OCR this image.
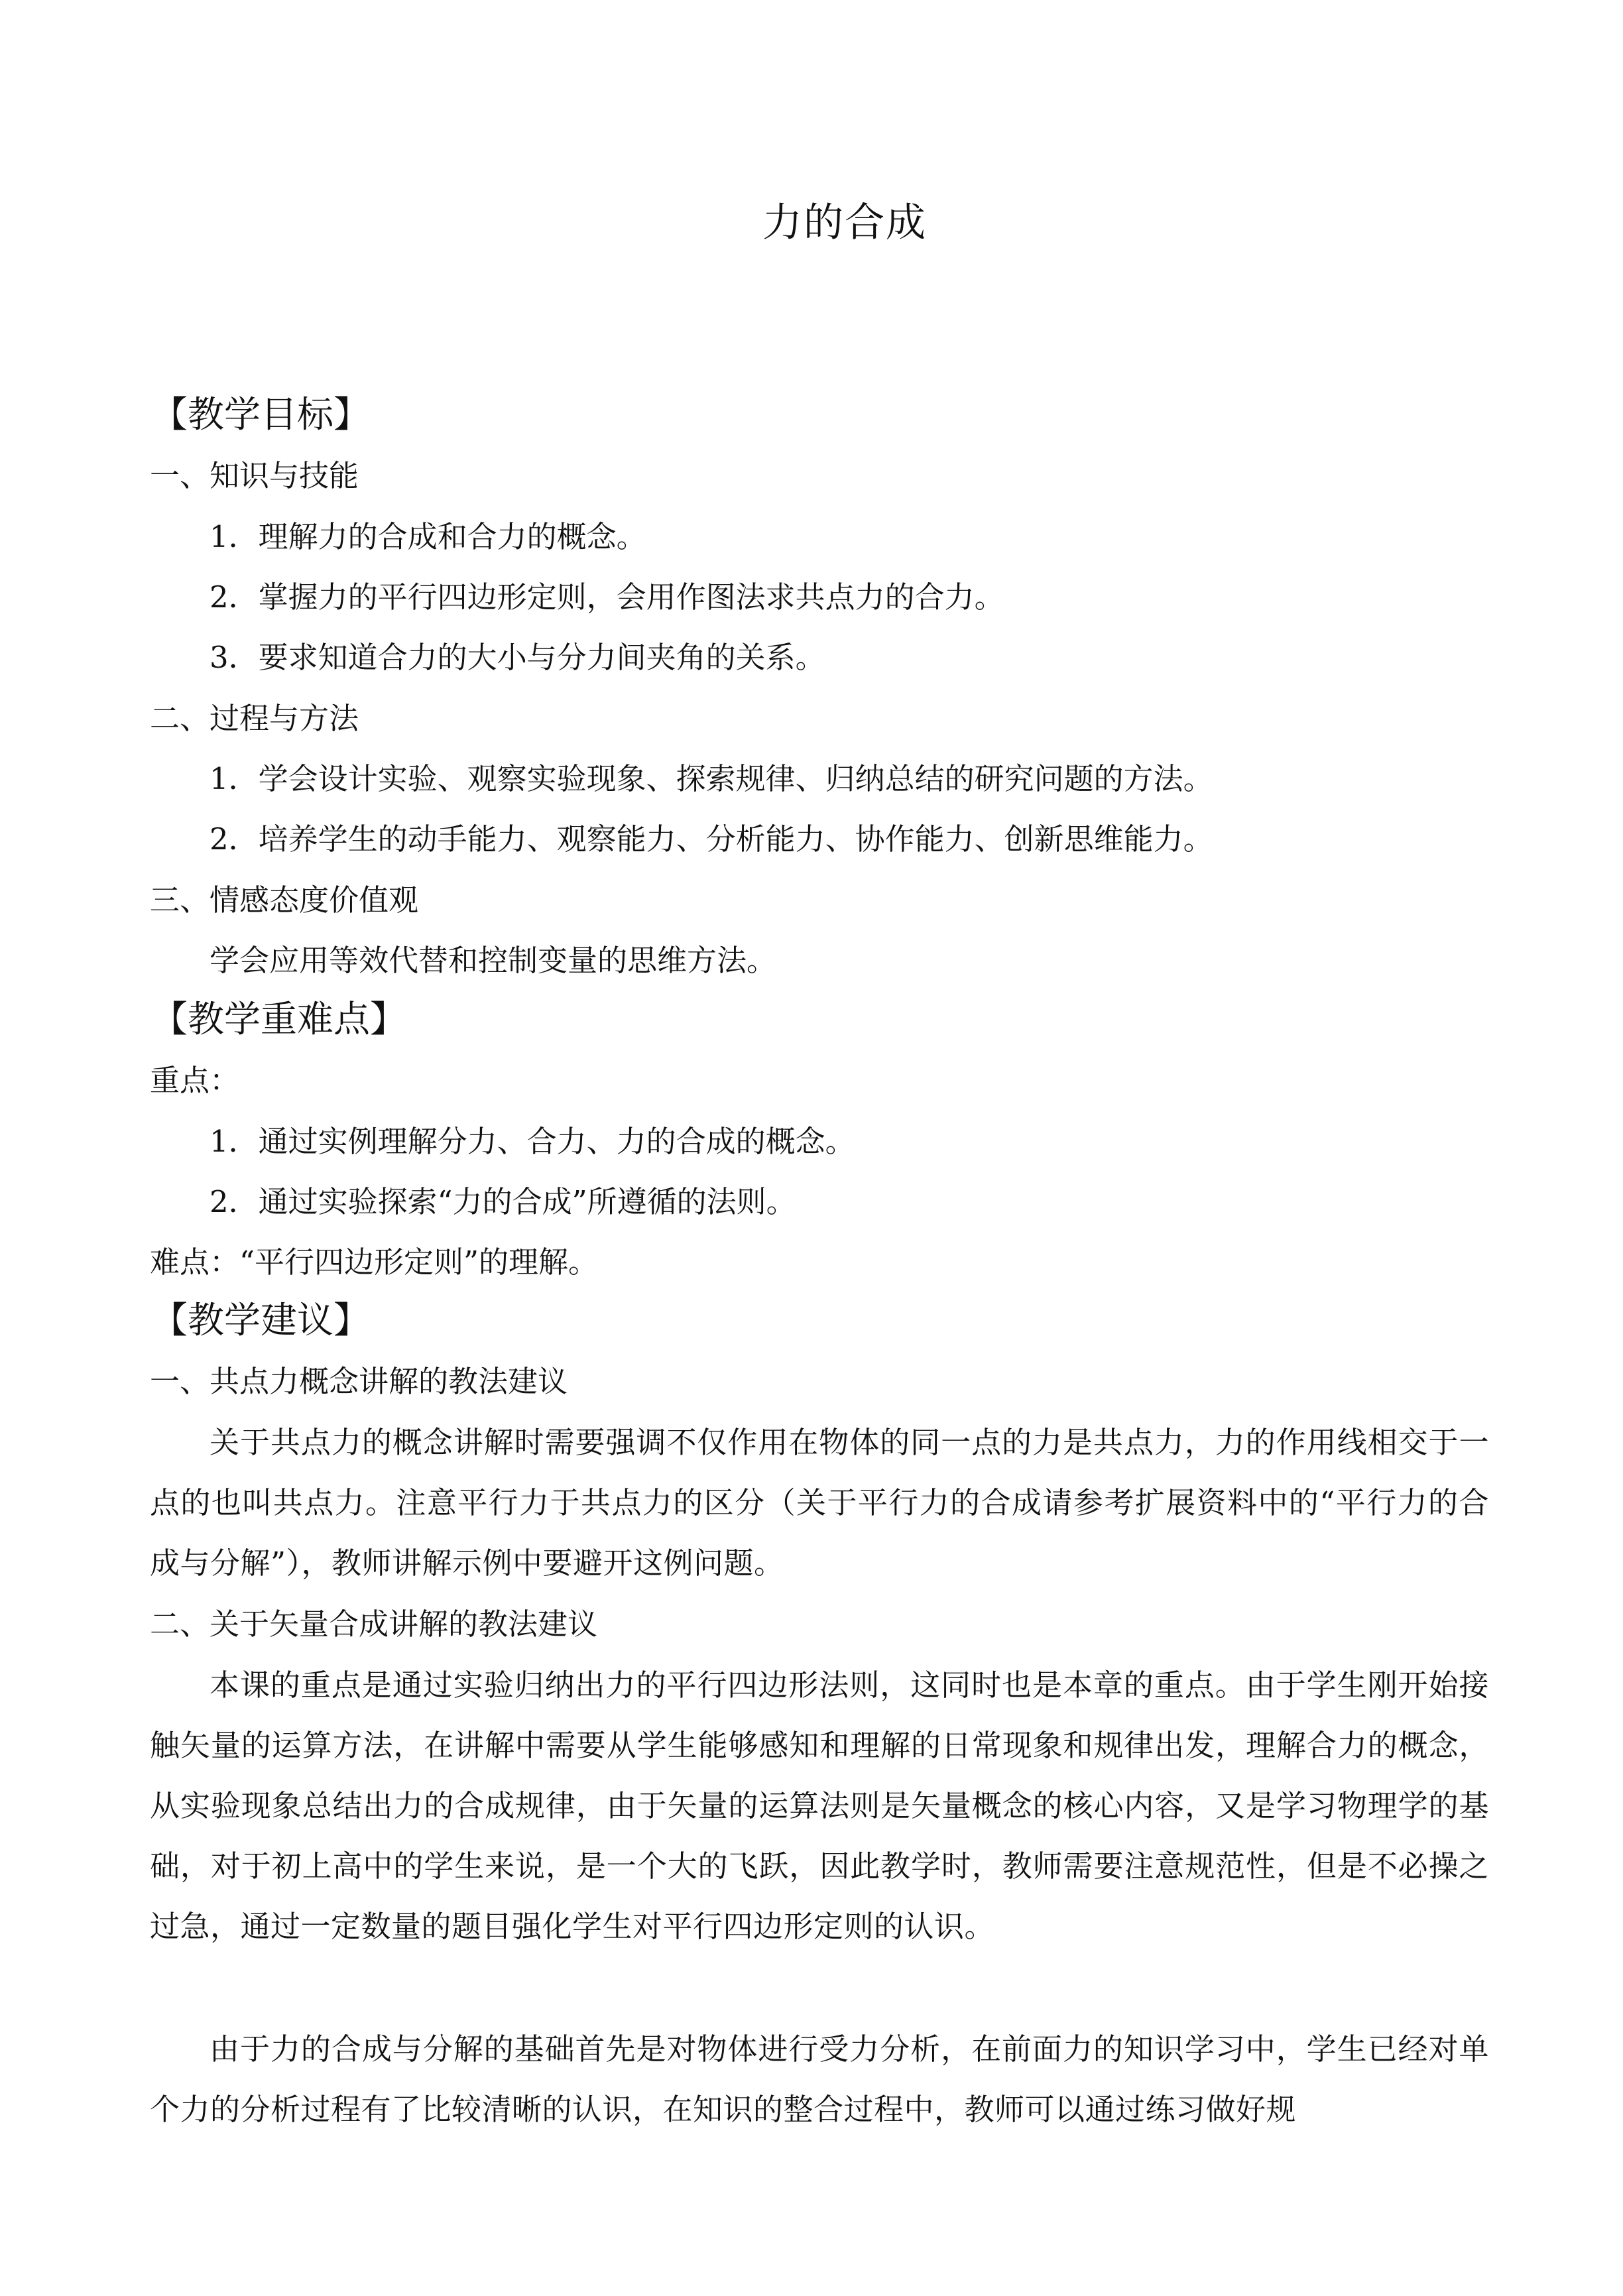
力的合成
【教学目标】
一、知识与技能
1．理解力的合成和合力的概念。
2．掌握力的平行四边形定则，会用作图法求共点力的合力。
3．要求知道合力的大小与分力间夹角的关系。
二、过程与方法
1．学会设计实验、观察实验现象、探索规律、归纳总结的研究问题的方法。
2．培养学生的动手能力、观察能力、分析能力、协作能力、创新思维能力。
三、情感态度价值观
学会应用等效代替和控制变量的思维方法。
【教学重难点】
重点：
1．通过实例理解分力、合力、力的合成的概念。
2．通过实验探索“力的合成”所遵循的法则。
难点：“平行四边形定则”的理解。
【教学建议】
一、共点力概念讲解的教法建议
关于共点力的概念讲解时需要强调不仅作用在物体的同一点的力是共点力，力的作用线相交于一点的也叫共点力。注意平行力于共点力的区分（关于平行力的合成请参考扩展资料中的“平行力的合成与分解”），教师讲解示例中要避开这例问题。
二、关于矢量合成讲解的教法建议
本课的重点是通过实验归纳出力的平行四边形法则，这同时也是本章的重点。由于学生刚开始接触矢量的运算方法，在讲解中需要从学生能够感知和理解的日常现象和规律出发，理解合力的概念，从实验现象总结出力的合成规律，由于矢量的运算法则是矢量概念的核心内容，又是学习物理学的基础，对于初上高中的学生来说，是一个大的飞跃，因此教学时，教师需要注意规范性，但是不必操之过急，通过一定数量的题目强化学生对平行四边形定则的认识。
由于力的合成与分解的基础首先是对物体进行受力分析，在前面力的知识学习中，学生已经对单个力的分析过程有了比较清晰的认识，在知识的整合过程中，教师可以通过练习做好规
